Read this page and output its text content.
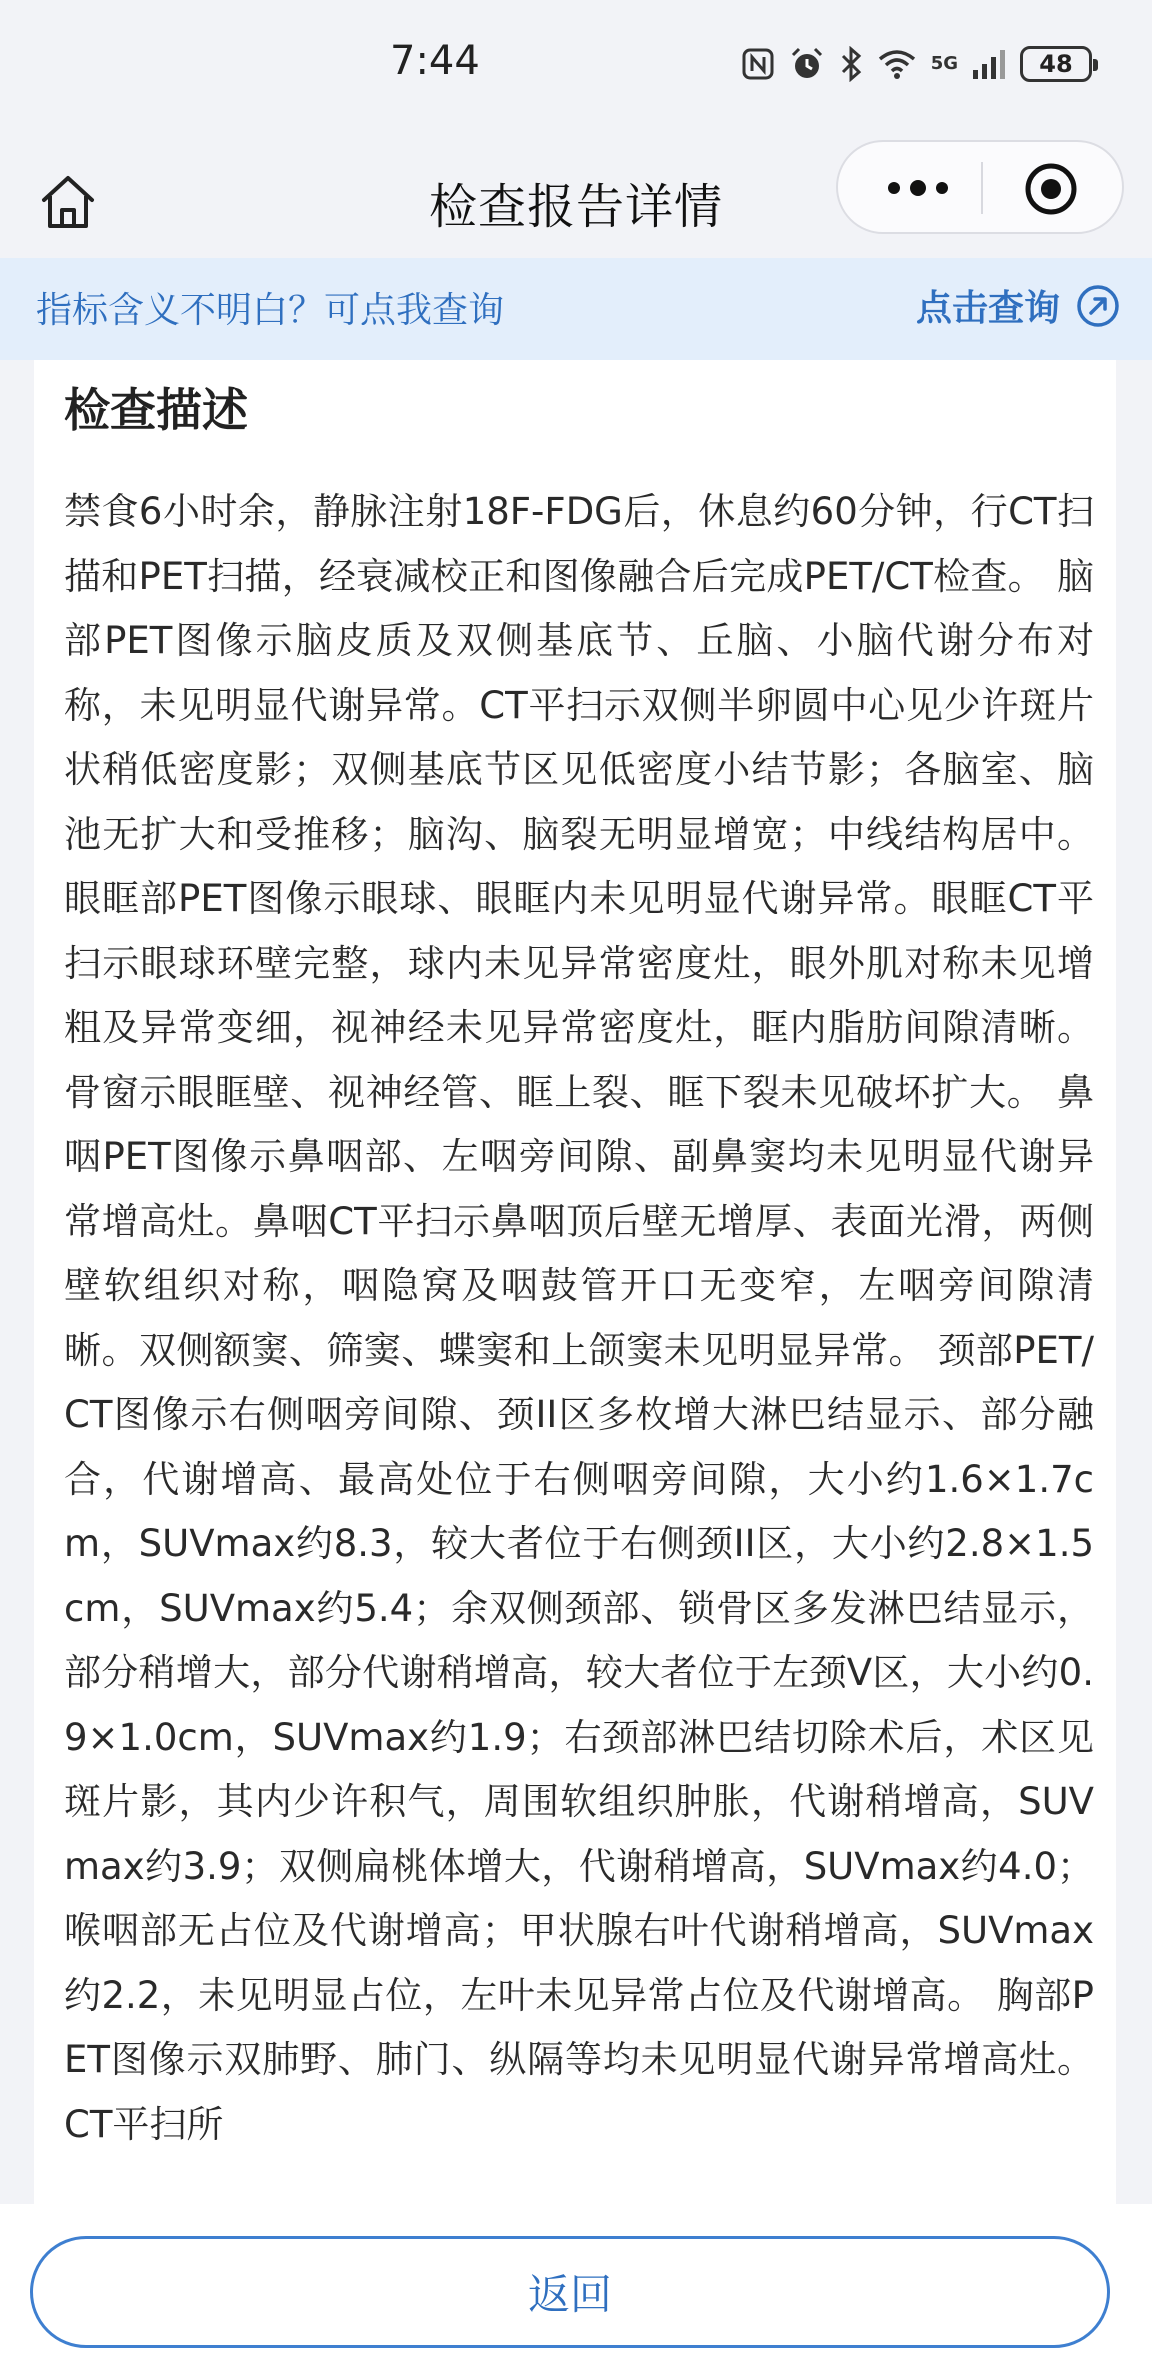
7:44	5G	48
检查报告详情
指标含义不明白？可点我查询	点击查询
检查描述
禁食6小时余，静脉注射18F-FDG后，休息约60分钟，行CT扫描和PET扫描，经衰减校正和图像融合后完成PET/CT检查。 脑部PET图像示脑皮质及双侧基底节、丘脑、小脑代谢分布对称，未见明显代谢异常。CT平扫示双侧半卵圆中心见少许斑片状稍低密度影；双侧基底节区见低密度小结节影；各脑室、脑池无扩大和受推移；脑沟、脑裂无明显增宽；中线结构居中。 眼眶部PET图像示眼球、眼眶内未见明显代谢异常。眼眶CT平扫示眼球环壁完整，球内未见异常密度灶，眼外肌对称未见增粗及异常变细，视神经未见异常密度灶，眶内脂肪间隙清晰。骨窗示眼眶壁、视神经管、眶上裂、眶下裂未见破坏扩大。 鼻咽PET图像示鼻咽部、左咽旁间隙、副鼻窦均未见明显代谢异常增高灶。鼻咽CT平扫示鼻咽顶后壁无增厚、表面光滑，两侧壁软组织对称，咽隐窝及咽鼓管开口无变窄，左咽旁间隙清晰。双侧额窦、筛窦、蝶窦和上颌窦未见明显异常。 颈部PET/CT图像示右侧咽旁间隙、颈II区多枚增大淋巴结显示、部分融合，代谢增高、最高处位于右侧咽旁间隙，大小约1.6×1.7cm，SUVmax约8.3，较大者位于右侧颈II区，大小约2.8×1.5cm，SUVmax约5.4；余双侧颈部、锁骨区多发淋巴结显示，部分稍增大，部分代谢稍增高，较大者位于左颈V区，大小约0.9×1.0cm，SUVmax约1.9；右颈部淋巴结切除术后，术区见斑片影，其内少许积气，周围软组织肿胀，代谢稍增高，SUVmax约3.9；双侧扁桃体增大，代谢稍增高，SUVmax约4.0；喉咽部无占位及代谢增高；甲状腺右叶代谢稍增高，SUVmax约2.2，未见明显占位，左叶未见异常占位及代谢增高。 胸部PET图像示双肺野、肺门、纵隔等均未见明显代谢异常增高灶。CT平扫所
返回
